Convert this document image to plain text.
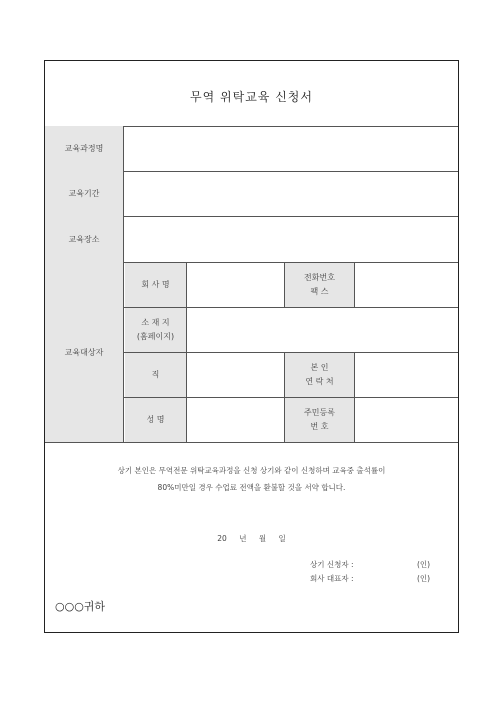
무역 위탁교육 신청서
교육과정명
교육기간
교육장소
교육대상자
회 사 명
전화번호
팩 스
소 재 지
(홈페이지)
직
본 인
연 락 처
성 명
주민등록
번 호
상기 본인은 무역전문 위탁교육과정을 신청 상기와 같이 신청하며 교육중 출석률이
80%미만일 경우 수업료 전액을 환불할 것을 서약 합니다.
20 년 월 일
상기 신청자 :	(인)
회사 대표자 :	(인)
○○○귀하
